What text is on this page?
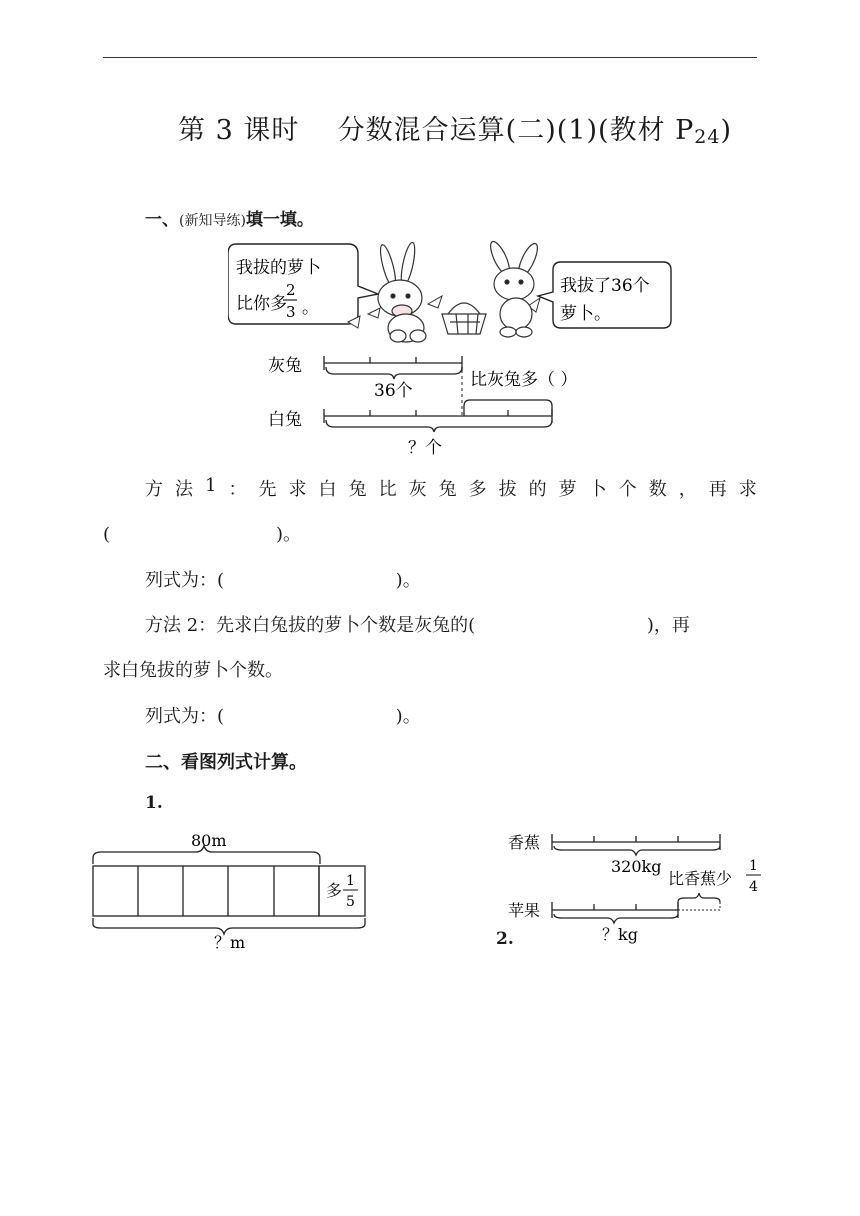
第 3 课时    分数混合运算(二)(1)(教材 $P_{24}$)
一、(新知导练)填一填。
我拔的萝卜
比你多
2
3 。
我拔了36个
萝卜。
灰兔
36个
比灰兔多（ ）
白兔
？个
方 法 1 ： 先 求 白 兔 比 灰 兔 多 拔 的 萝 卜 个 数 ， 再 求
(                             )。
列式为：(                              )。
方法 2：先求白兔拔的萝卜个数是灰兔的(                              )，再
求白兔拔的萝卜个数。
列式为：(                              )。
二、看图列式计算。
1.
80m
多 1
5
？m
香蕉
320kg
比香蕉少
1
4
苹果
？kg
2.
